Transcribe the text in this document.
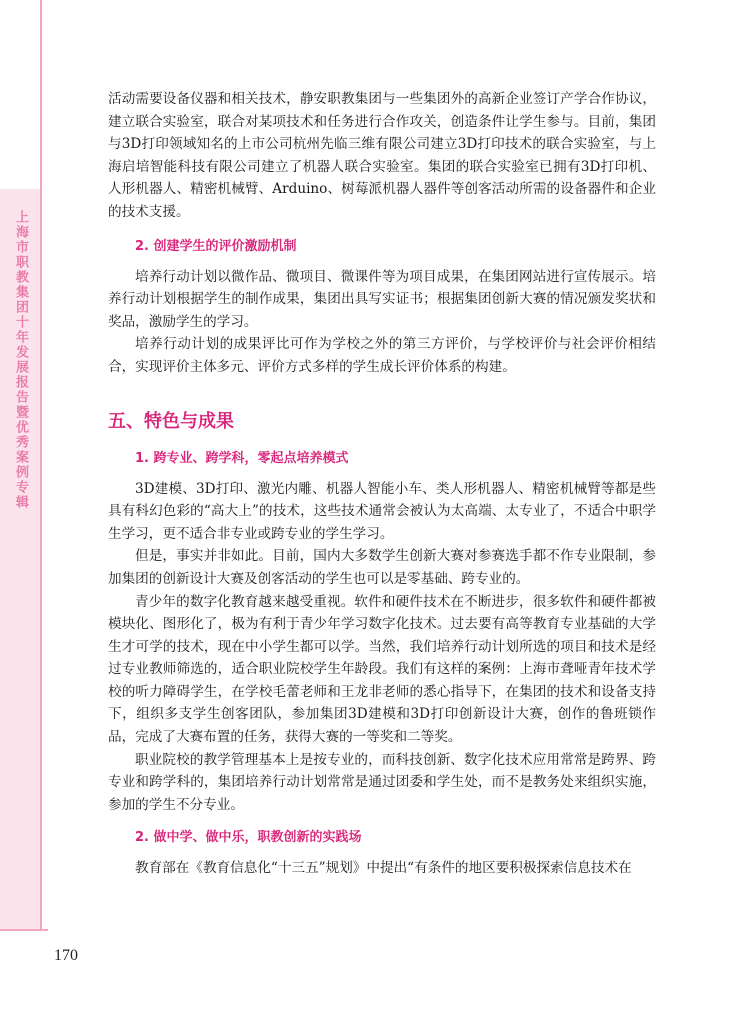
上海市职教集团十年发展报告暨优秀案例专辑
170

活动需要设备仪器和相关技术，静安职教集团与一些集团外的高新企业签订产学合作协议，建立联合实验室，联合对某项技术和任务进行合作攻关，创造条件让学生参与。目前，集团与3D打印领域知名的上市公司杭州先临三维有限公司建立3D打印技术的联合实验室，与上海启培智能科技有限公司建立了机器人联合实验室。集团的联合实验室已拥有3D打印机、人形机器人、精密机械臂、Arduino、树莓派机器人器件等创客活动所需的设备器件和企业的技术支援。

2. 创建学生的评价激励机制

培养行动计划以微作品、微项目、微课件等为项目成果，在集团网站进行宣传展示。培养行动计划根据学生的制作成果，集团出具写实证书；根据集团创新大赛的情况颁发奖状和奖品，激励学生的学习。

培养行动计划的成果评比可作为学校之外的第三方评价，与学校评价与社会评价相结合，实现评价主体多元、评价方式多样的学生成长评价体系的构建。

五、特色与成果
1. 跨专业、跨学科，零起点培养模式

3D建模、3D打印、激光内雕、机器人智能小车、类人形机器人、精密机械臂等都是些具有科幻色彩的“高大上”的技术，这些技术通常会被认为太高端、太专业了，不适合中职学生学习，更不适合非专业或跨专业的学生学习。

但是，事实并非如此。目前，国内大多数学生创新大赛对参赛选手都不作专业限制，参加集团的创新设计大赛及创客活动的学生也可以是零基础、跨专业的。

青少年的数字化教育越来越受重视。软件和硬件技术在不断进步，很多软件和硬件都被模块化、图形化了，极为有利于青少年学习数字化技术。过去要有高等教育专业基础的大学生才可学的技术，现在中小学生都可以学。当然，我们培养行动计划所选的项目和技术是经过专业教师筛选的，适合职业院校学生年龄段。我们有这样的案例：上海市聋哑青年技术学校的听力障碍学生，在学校毛蕾老师和王龙非老师的悉心指导下，在集团的技术和设备支持下，组织多支学生创客团队，参加集团3D建模和3D打印创新设计大赛，创作的鲁班锁作品，完成了大赛布置的任务，获得大赛的一等奖和二等奖。

职业院校的教学管理基本上是按专业的，而科技创新、数字化技术应用常常是跨界、跨专业和跨学科的，集团培养行动计划常常是通过团委和学生处，而不是教务处来组织实施，参加的学生不分专业。

2. 做中学、做中乐，职教创新的实践场

教育部在《教育信息化“十三五”规划》中提出“有条件的地区要积极探索信息技术在
